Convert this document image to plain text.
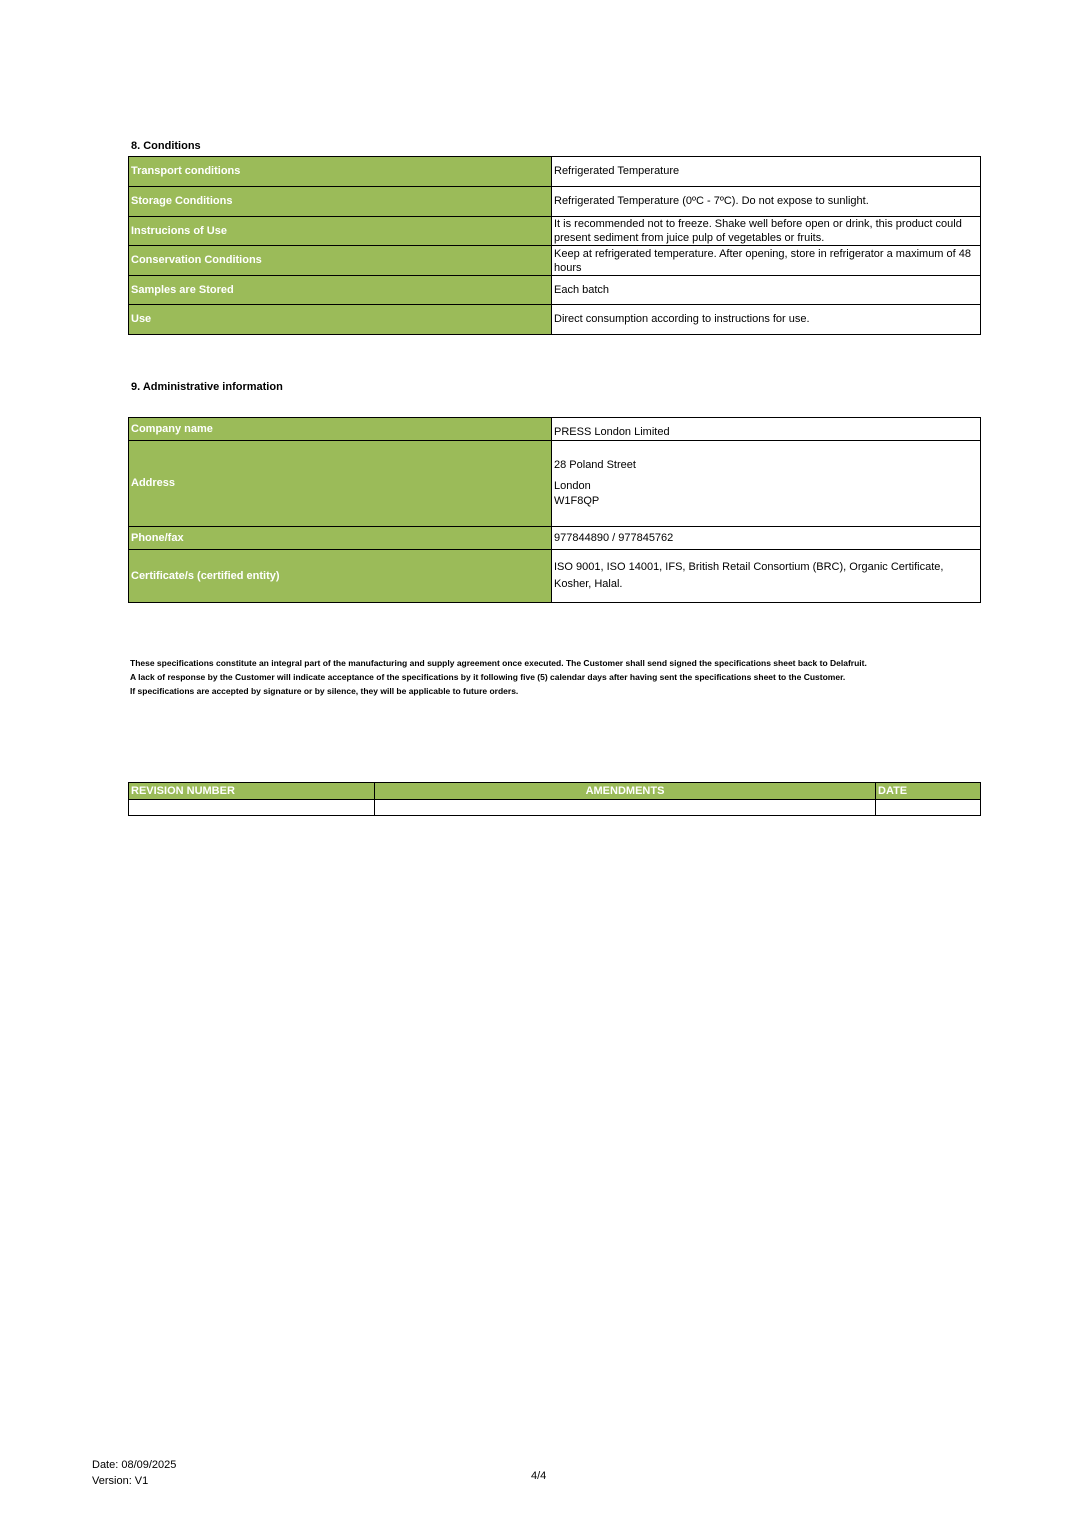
8. Conditions
Transport conditions	Refrigerated Temperature
Storage Conditions	Refrigerated Temperature (0ºC - 7ºC). Do not expose to sunlight.
Instrucions of Use	It is recommended not to freeze. Shake well before open or drink, this product could present sediment from juice pulp of vegetables or fruits.
Conservation Conditions	Keep at refrigerated temperature. After opening, store in refrigerator a maximum of 48 hours
Samples are Stored	Each batch
Use	Direct consumption according to instructions for use.
9. Administrative information
Company name	PRESS London Limited
Address	28 Poland Street
London
W1F8QP

Phone/fax	977844890 / 977845762
Certificate/s (certified entity)	ISO 9001, ISO 14001, IFS, British Retail Consortium (BRC), Organic Certificate, Kosher, Halal.
These specifications constitute an integral part of the manufacturing and supply agreement once executed. The Customer shall send signed the specifications sheet back to Delafruit.
A lack of response by the Customer will indicate acceptance of the specifications by it following five (5) calendar days after having sent the specifications sheet to the Customer.
If specifications are accepted by signature or by silence, they will be applicable to future orders.
REVISION NUMBER	AMENDMENTS	DATE

Date: 08/09/2025
Version: V1	4/4
